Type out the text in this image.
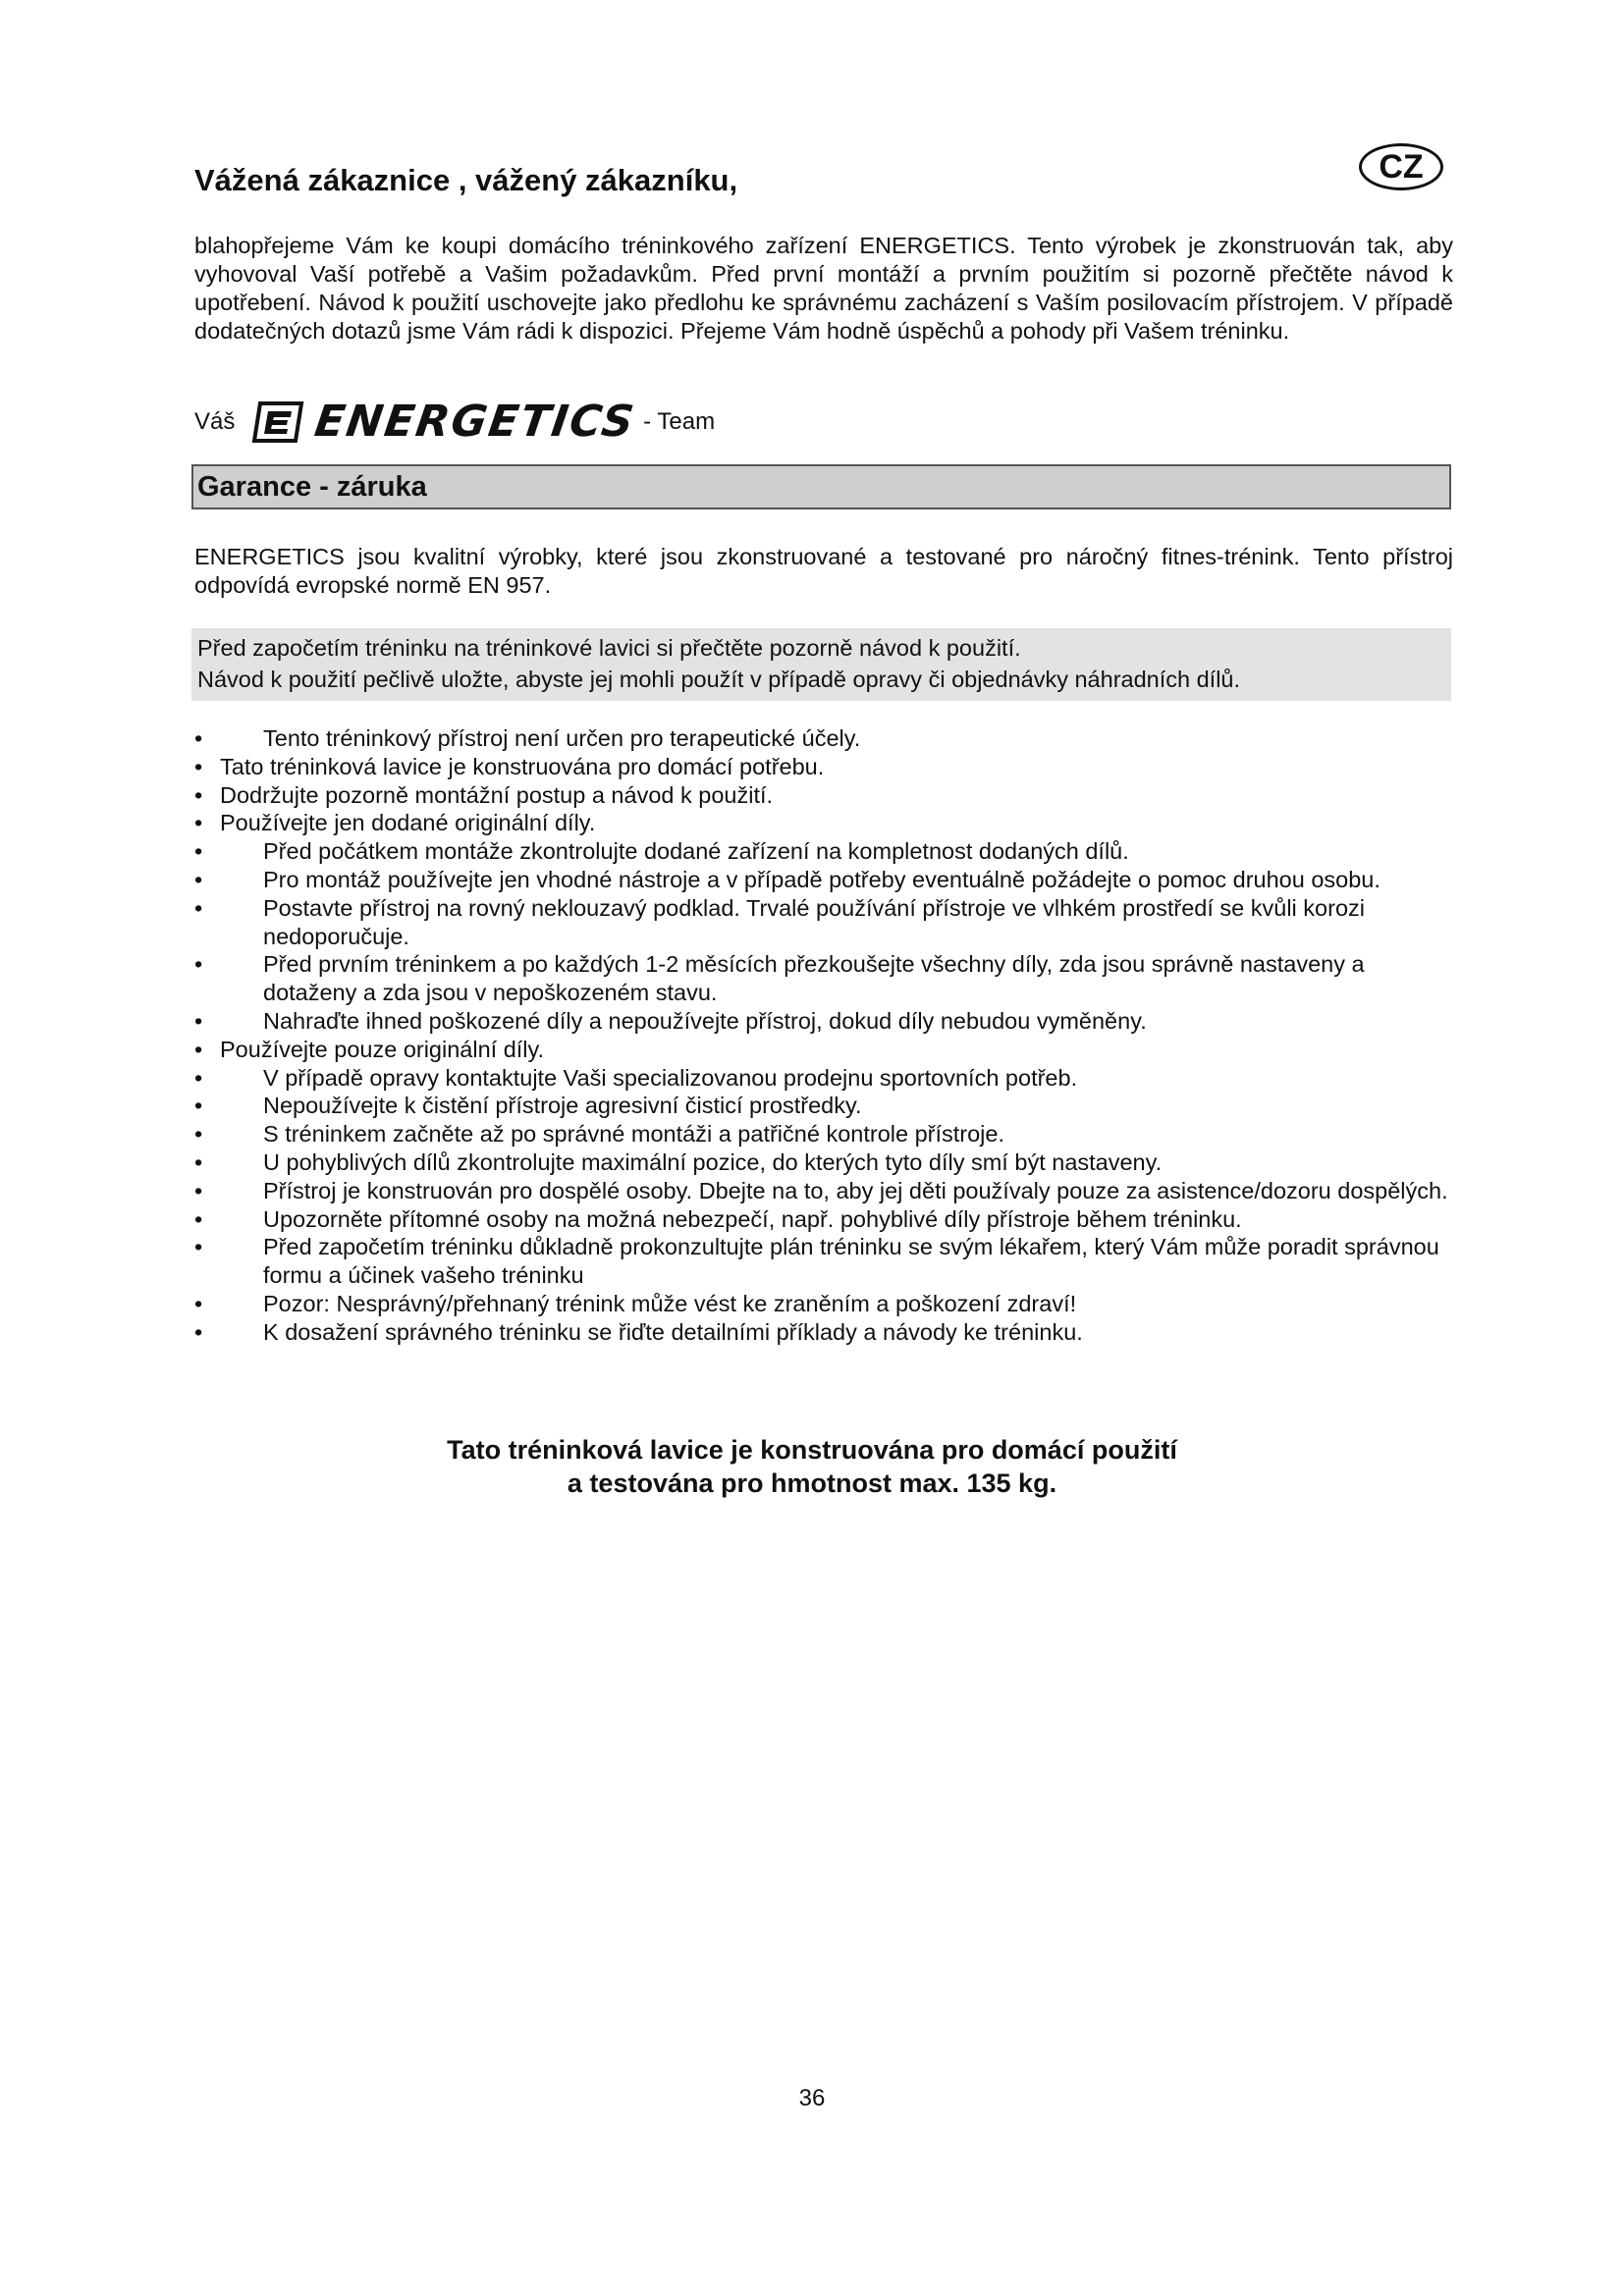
Vážená zákaznice , vážený zákazníku,	CZ
blahopřejeme Vám ke koupi domácího tréninkového zařízení ENERGETICS. Tento výrobek je zkonstruován tak, aby vyhovoval Vaší potřebě a Vašim požadavkům. Před první montáží a prvním použitím si pozorně přečtěte návod k upotřebení. Návod k použití uschovejte jako předlohu ke správnému zacházení s Vaším posilovacím přístrojem. V případě dodatečných dotazů jsme Vám rádi k dispozici. Přejeme Vám hodně úspěchů a pohody při Vašem tréninku.
Váš ENERGETICS - Team
Garance - záruka
ENERGETICS jsou kvalitní výrobky, které jsou zkonstruované a testované pro náročný fitnes-trénink. Tento přístroj odpovídá evropské normě EN 957.
Před započetím tréninku na tréninkové lavici si přečtěte pozorně návod k použití.
Návod k použití pečlivě uložte, abyste jej mohli použít v případě opravy či objednávky náhradních dílů.
• Tento tréninkový přístroj není určen pro terapeutické účely.
• Tato tréninková lavice je konstruována pro domácí potřebu.
• Dodržujte pozorně montážní postup a návod k použití.
• Používejte jen dodané originální díly.
• Před počátkem montáže zkontrolujte dodané zařízení na kompletnost dodaných dílů.
• Pro montáž používejte jen vhodné nástroje a v případě potřeby eventuálně požádejte o pomoc druhou osobu.
• Postavte přístroj na rovný neklouzavý podklad. Trvalé používání přístroje ve vlhkém prostředí se kvůli korozi nedoporučuje.
• Před prvním tréninkem a po každých 1-2 měsících přezkoušejte všechny díly, zda jsou správně nastaveny a dotaženy a zda jsou v nepoškozeném stavu.
• Nahraďte ihned poškozené díly a nepoužívejte přístroj, dokud díly nebudou vyměněny.
• Používejte pouze originální díly.
• V případě opravy kontaktujte Vaši specializovanou prodejnu sportovních potřeb.
• Nepoužívejte k čistění přístroje agresivní čisticí prostředky.
• S tréninkem začněte až po správné montáži a patřičné kontrole přístroje.
• U pohyblivých dílů zkontrolujte maximální pozice, do kterých tyto díly smí být nastaveny.
• Přístroj je konstruován pro dospělé osoby. Dbejte na to, aby jej děti používaly pouze za asistence/dozoru dospělých.
• Upozorněte přítomné osoby na možná nebezpečí, např. pohyblivé díly přístroje během tréninku.
• Před započetím tréninku důkladně prokonzultujte plán tréninku se svým lékařem, který Vám může poradit správnou formu a účinek vašeho tréninku
• Pozor: Nesprávný/přehnaný trénink může vést ke zraněním a poškození zdraví!
• K dosažení správného tréninku se řiďte detailními příklady a návody ke tréninku.
Tato tréninková lavice je konstruována pro domácí použití
a testována pro hmotnost max. 135 kg.
36
